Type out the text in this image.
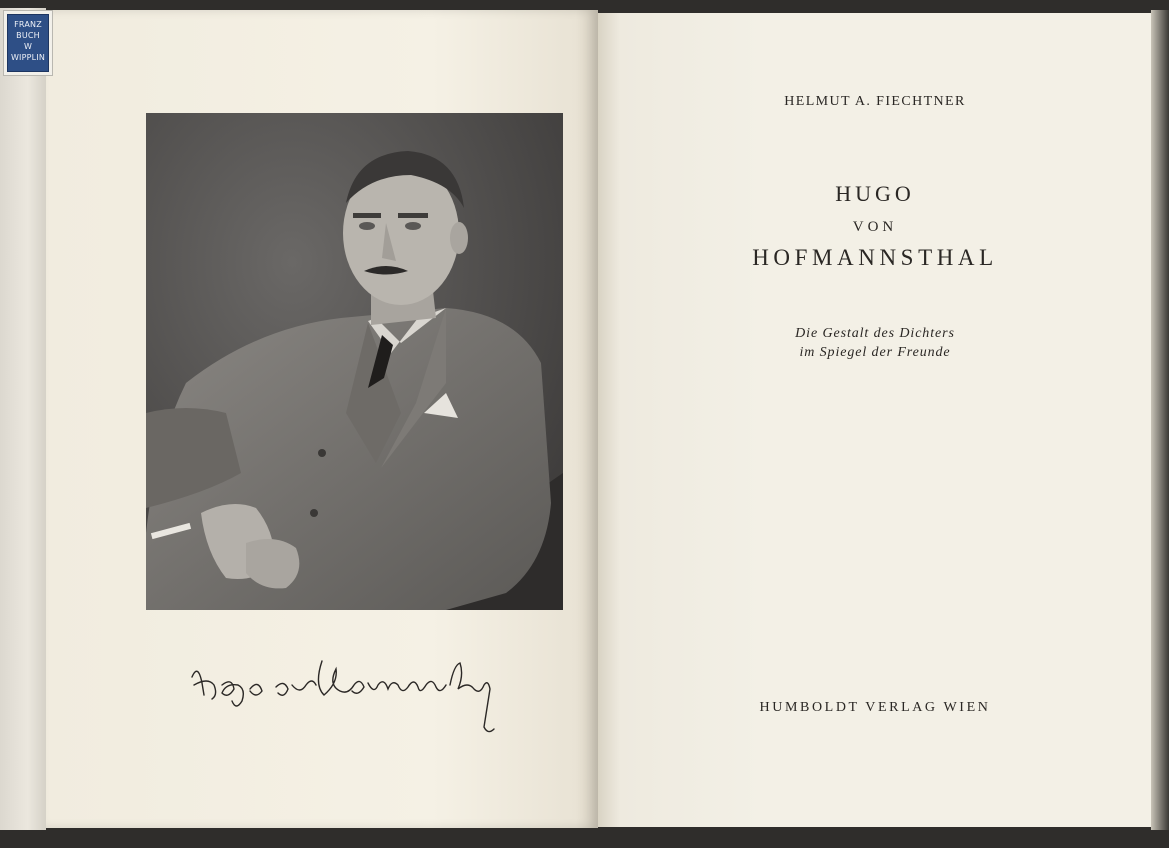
FRANZ
BUCH
W
WIPPLIN
HELMUT A. FIECHTNER
HUGO
VON
HOFMANNSTHAL
Die Gestalt des Dichters
im Spiegel der Freunde
HUMBOLDT VERLAG WIEN
